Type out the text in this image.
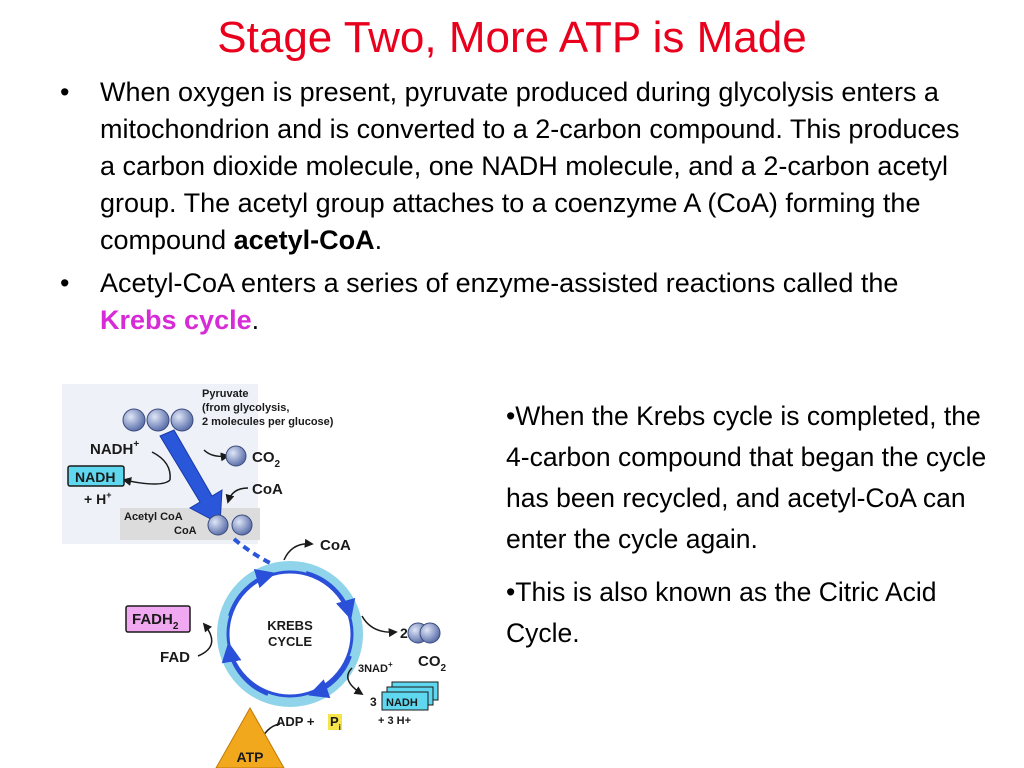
Stage Two, More ATP is Made
• When oxygen is present, pyruvate produced during glycolysis enters a mitochondrion and is converted to a 2-carbon compound. This produces a carbon dioxide molecule, one NADH molecule, and a 2-carbon acetyl group. The acetyl group attaches to a coenzyme A (CoA) forming the compound acetyl-CoA.
• Acetyl-CoA enters a series of enzyme-assisted reactions called the Krebs cycle.

•When the Krebs cycle is completed, the 4-carbon compound that began the cycle has been recycled, and acetyl-CoA can enter the cycle again.

•This is also known as the Citric Acid Cycle.

Pyruvate
(from glycolysis,
2 molecules per glucose)
NADH+
NADH
+ H+
$CO_2$
CoA
Acetyl CoA
CoA
CoA
KREBS
CYCLE
$FADH_2$
FAD
2
$CO_2$
3NAD+
3 NADH
+ 3 H+
ADP + $P_i$
ATP
